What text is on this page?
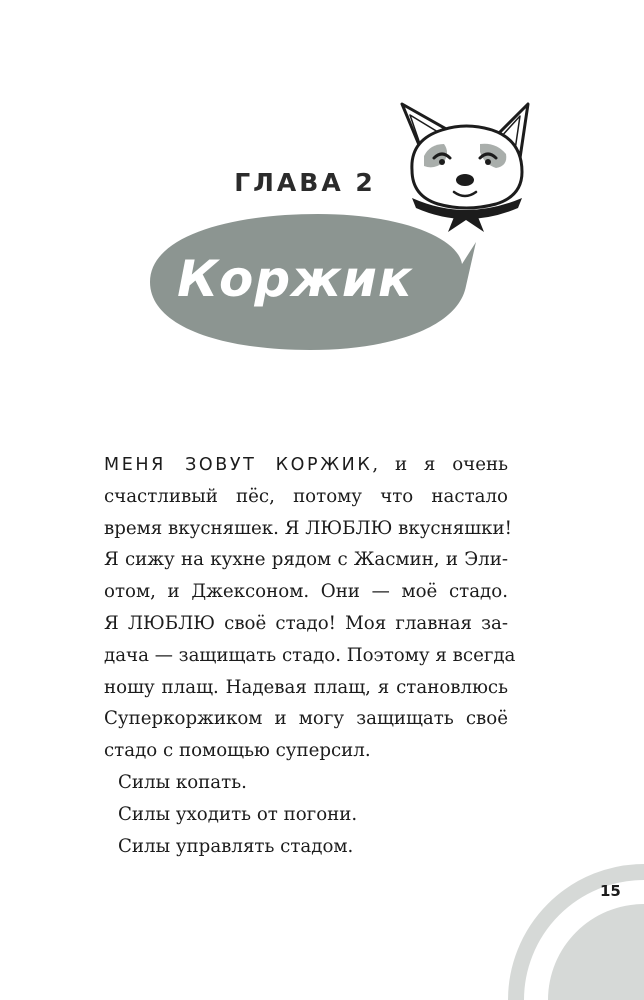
ГЛАВА 2
Коржик
МЕНЯ ЗОВУТ КОРЖИК, и я очень
счастливый пёс, потому что настало
время вкусняшек. Я ЛЮБЛЮ вкусняшки!
Я сижу на кухне рядом с Жасмин, и Эли-
отом, и Джексоном. Они — моё стадо.
Я ЛЮБЛЮ своё стадо! Моя главная за-
дача — защищать стадо. Поэтому я всегда
ношу плащ. Надевая плащ, я становлюсь
Суперкоржиком и могу защищать своё
стадо с помощью суперсил.
Силы копать.
Силы уходить от погони.
Силы управлять стадом.
15
